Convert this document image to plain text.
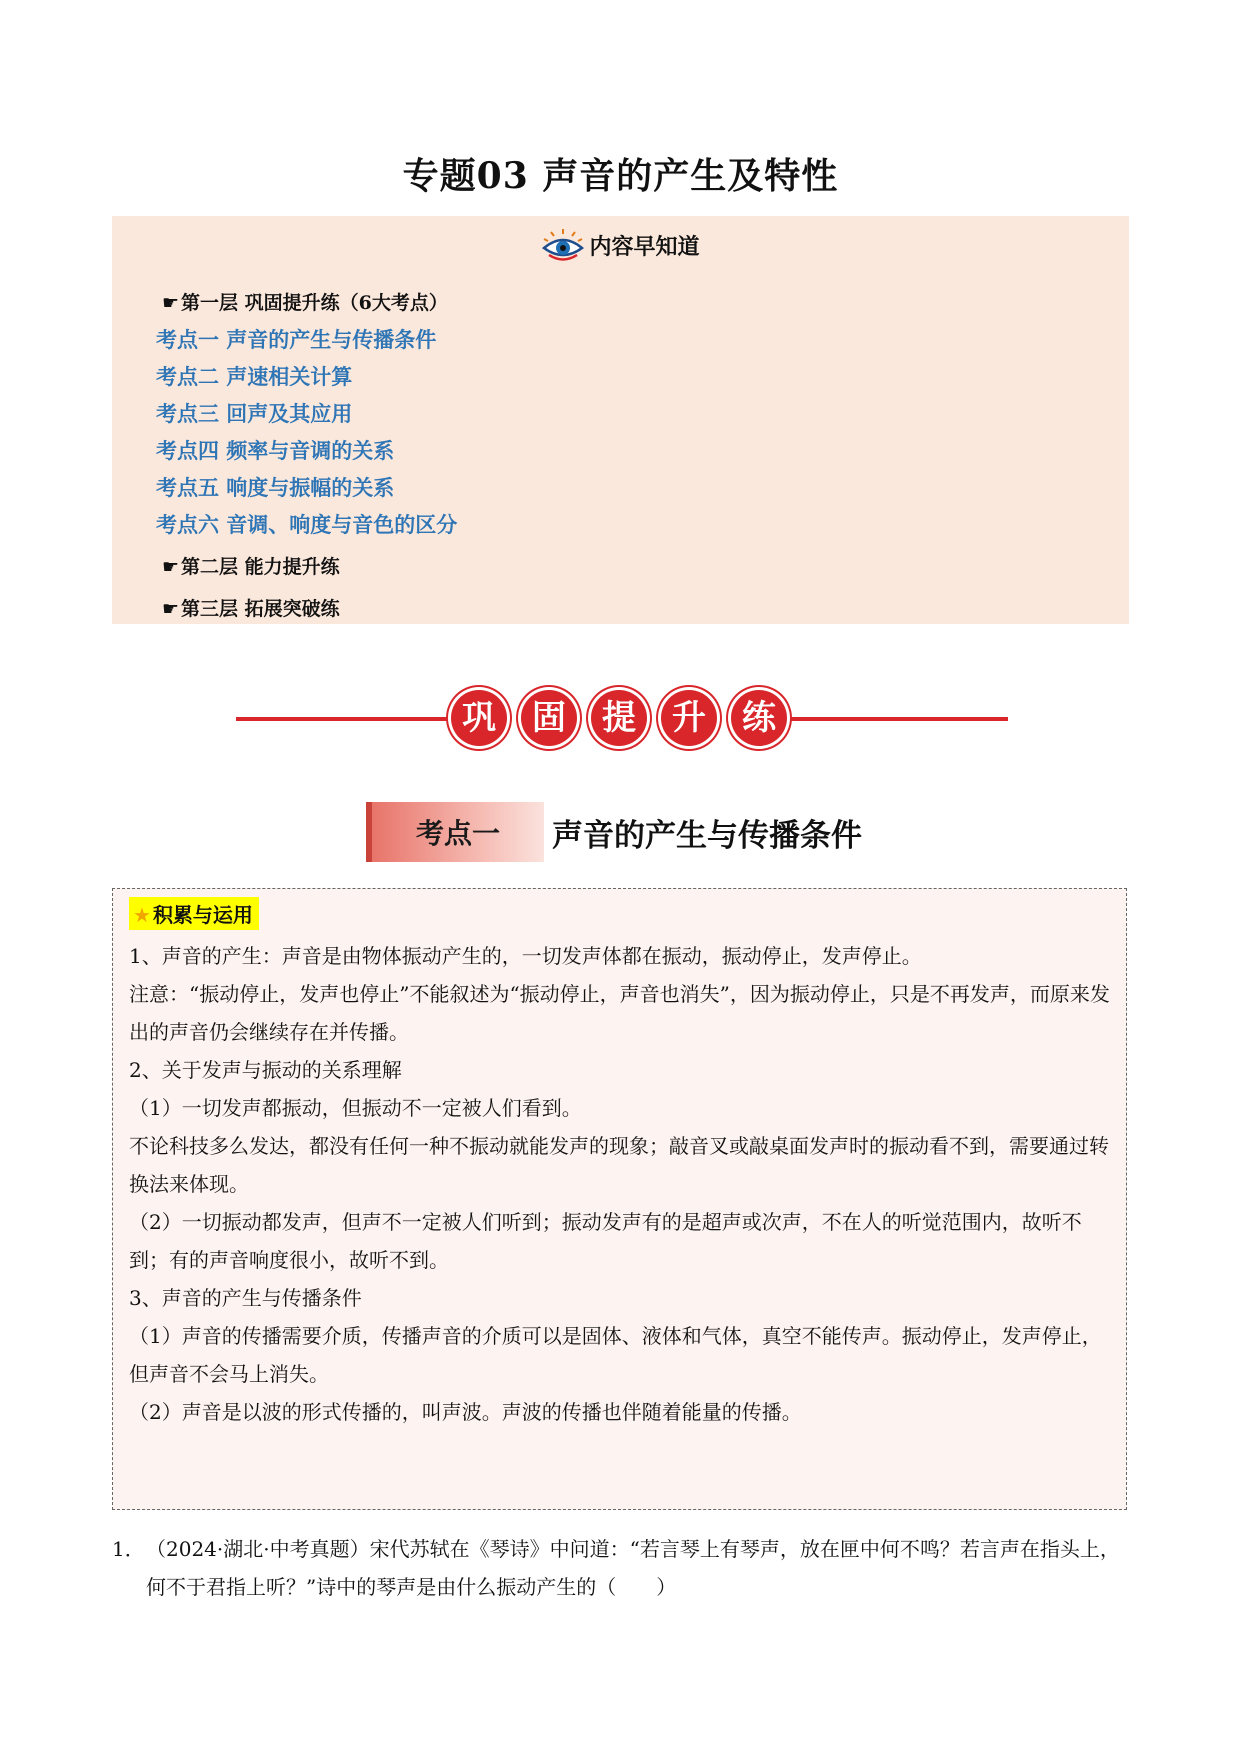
专题03 声音的产生及特性
内容早知道
☛ 第一层 巩固提升练（6大考点）
考点一 声音的产生与传播条件
考点二 声速相关计算
考点三 回声及其应用
考点四 频率与音调的关系
考点五 响度与振幅的关系
考点六 音调、响度与音色的区分
☛ 第二层 能力提升练
☛ 第三层 拓展突破练
巩	固	提	升	练
考点一	声音的产生与传播条件
★ 积累与运用
1、声音的产生：声音是由物体振动产生的，一切发声体都在振动，振动停止，发声停止。
注意：“振动停止，发声也停止”不能叙述为“振动停止，声音也消失”，因为振动停止，只是不再发声，而原来发出的声音仍会继续存在并传播。
2、关于发声与振动的关系理解
（1）一切发声都振动，但振动不一定被人们看到。
不论科技多么发达，都没有任何一种不振动就能发声的现象；敲音叉或敲桌面发声时的振动看不到，需要通过转换法来体现。
（2）一切振动都发声，但声不一定被人们听到；振动发声有的是超声或次声，不在人的听觉范围内，故听不到；有的声音响度很小，故听不到。
3、声音的产生与传播条件
（1）声音的传播需要介质，传播声音的介质可以是固体、液体和气体，真空不能传声。振动停止，发声停止，但声音不会马上消失。
（2）声音是以波的形式传播的，叫声波。声波的传播也伴随着能量的传播。
1． （2024·湖北·中考真题）宋代苏轼在《琴诗》中问道：“若言琴上有琴声，放在匣中何不鸣？若言声在指头上，何不于君指上听？”诗中的琴声是由什么振动产生的（　　）
